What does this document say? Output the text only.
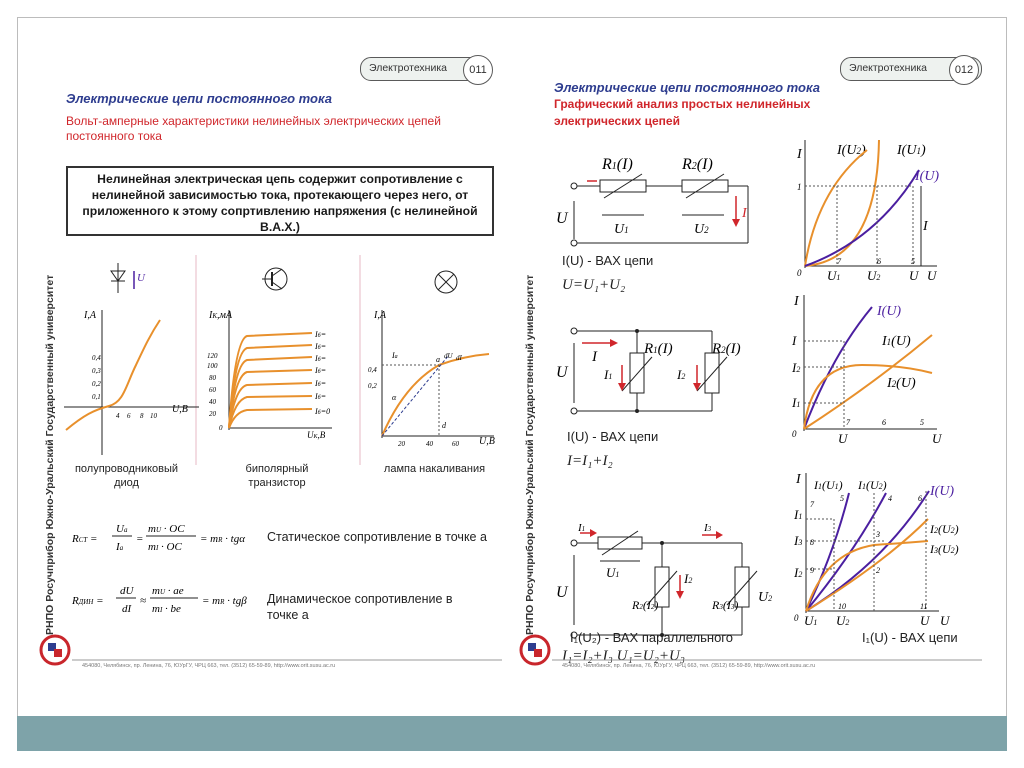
РНПО Росучприбор Южно-Уральский Государственный университет
Электротехника	011
Электрические цепи постоянного тока
Вольт-амперные характеристики нелинейных электрических цепей постоянного тока
Нелинейная электрическая цепь содержит сопротивление с нелинейной зависимостью тока, протекающего через него, от приложенного к этому сопртивлению напряжения (с нелинейной В.А.Х.)
U
I,A
U,B
0,4
0,3
0,2
0,1
4 6 8 10
IK,мА
UK,B
120
100
80
60
40
20
0
Iб=
Iб=
Iб=
Iб=
Iб=
Iб=
Iб=0
I,A
U,B
0,4
0,2
20	40	60
Ia	a dU dI
d
α
полупроводниковый диод
биполярный транзистор
лампа накаливания
RCT =
Ua
Ia
=
mU · OC
mI · OC
= mR · tgα Статическое сопротивление в точке а
RДИН =
dU
dI
≈
mU · ae
mI · be
= mR · tgβ Динамическое сопротивление в точке а
454080, Челябинск, пр. Ленина, 76, ЮУрГУ, ЧРЦ 663, тел. (3512) 65-59-89, http://www.orit.susu.ac.ru
РНПО Росучприбор Южно-Уральский Государственный университет
Электротехника	012
Электрические цепи постоянного тока
Графический анализ простых нелинейных электрических цепей
I
R1(I)	R2(I)
U1	U2
U
I(U) - ВАХ цепи
U=U₁+U₂
I	I(U2) I(U1)
I(U)
1
7	6	5
0 U1 U2 U U
I
I	R1(I)	R2(I)
I1	I2
U
I(U) - ВАХ цепи
I=I₁+I₂
I
I(U)
I1(U)
I2(U)
I
I2
I1
7	6	5
0	U	U
I1	I3
I2
U1
R2(I2)	R3(I3) U2
U
I₁=I₂+I₃ U₁=U₂+U₃
I₁(U₂) - ВАХ параллельного
I I1(U1) I1(U2)	I(U)
I2(U2)
I3(U2)
7
5	4	6
8
9
3
2
10	11
I1
I3
I2
0 U1 U2	U U
I₁(U) - ВАХ цепи
454080, Челябинск, пр. Ленина, 76, ЮУрГУ, ЧРЦ 663, тел. (3512) 65-59-89, http://www.orit.susu.ac.ru
